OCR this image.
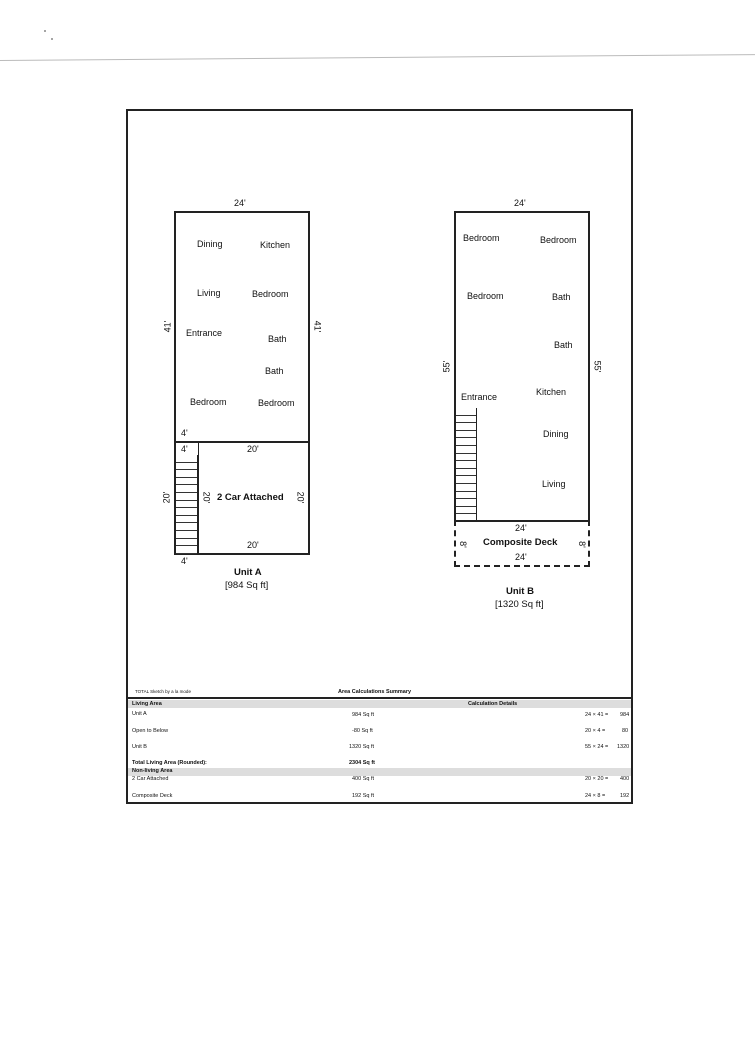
24'
41'	41'
Dining	Kitchen
Living	Bedroom
Entrance
Bath
Bath
Bedroom	Bedroom
4'
4'	20'
20'	20'	20'
2 Car Attached
20'
4'
Unit A
[984 Sq ft]
24'
55'	55'
Bedroom	Bedroom
Bedroom	Bath
Bath
Entrance	Kitchen
Dining
Living
24'
8'	8'
Composite Deck
24'
Unit B
[1320 Sq ft]
TOTAL Sketch by a la mode	Area Calculations Summary
Living Area	Calculation Details
Unit A	984 Sq ft	24 × 41 = 984
Open to Below	-80 Sq ft	20 × 4 =	80
Unit B	1320 Sq ft	55 × 24 = 1320
Total Living Area (Rounded):	2304 Sq ft
Non-living Area
2 Car Attached	400 Sq ft	20 × 20 = 400
Composite Deck	192 Sq ft	24 × 8 =	192
